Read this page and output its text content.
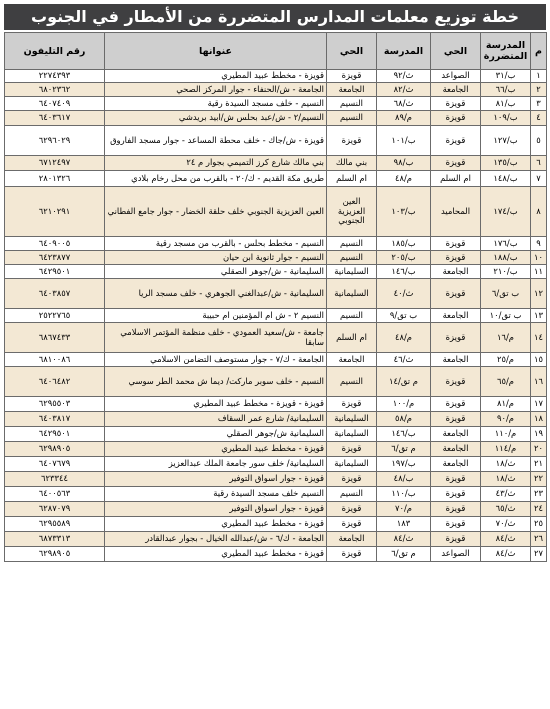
خطة توزيع معلمات المدارس المتضررة من الأمطار في الجنوب
م	المدرسة المتضررة	الحي	المدرسة	الحي	عنوانها	رقم التليفون
١	ب/٣١	الصواعد	ث/٩٢	قويزة	قويزة - مخطط عبيد المطيري	٢٢٧٤٣٩٣
٢	ب/٦٦	الجامعة	ث/٨٢	الجامعة	الجامعة - ش/الحنفاء - جوار المركز الصحي	٦٨٠٢٣٦٢
٣	ب/٨١	قويزة	ث/٦٨	النسيم	النسيم - خلف مسجد السيدة رقية	٦٤٠٧٤٠٩
٤	ب/١٠٩	قويزة	م/٨٩	النسيم	النسيم/٢ - ش/عبد بحلس ش/ابيد بريدشي	٦٤٠٣٦١٧
٥	ب/١٢٧	قويزة	ب/١٠١	قويزة	قويزة - ش/جاك - خلف محطة المساعد - جوار مسجد الفاروق	٦٢٩٦٠٢٩
٦	ب/١٣٥	قويزة	ب/٩٨	بني مالك	بني مالك شارع كرز التميمي بجوار م ٢٤	٦٧١٢٤٩٧
٧	ب/١٤٨	ام السلم	م/٤٨	ام السلم	طريق مكة القديم - ك/٢٠ - بالقرب من محل رخام بلادي	٢٨٠١٣٢٦
٨	ب/١٧٤	المحاميد	ب/١٠٣	العين العزيزية الجنوبي	العين العزيزية الجنوبي خلف حلقة الخضار - جوار جامع الفطاني	٦٢١٠٢٩١
٩	ب/١٧٦	قويزة	ب/١٨٥	النسيم	النسيم - مخطط بحلس - بالقرب من مسجد رقية	٦٤٠٩٠٠٥
١٠	ب/١٨٨	قويزة	ب/٢٠٥	النسيم	النسيم - جوار ثانوية ابن حيان	٦٤٢٣٨٧٧
١١	ب/٢١٠	الجامعة	ب/١٤٦	السليمانية	السليمانية - ش/جوهر الصقلي	٦٤٢٩٥٠١
١٢	ب تق/٦	قويزة	ث/٤٠	السليمانية	السليمانية - ش/عبدالغني الجوهري - خلف مسجد الريا	٦٤٠٣٨٥٧
١٣	ب تق/١٠	الجامعة	ب تق/٩	النسيم	النسيم ٢ - ش ام المؤمنين ام حبيبة	٢٥٢٢٧٦٥
١٤	م/١٦	قويزة	م/٤٨	ام السلم	جامعة - ش/سعيد العمودي - خلف منظمة المؤتمر الاسلامي سابقا	٦٨٦٧٤٣٣
١٥	م/٢٥	الجامعة	ث/٤٦	الجامعة	الجامعة - ك/٧ - جوار مستوصف التضامن الاسلامي	٦٨١٠٠٨٦
١٦	م/٦٥	قويزة	م تق/١٤	النسيم	النسيم - خلف سوبر ماركت/ ديما ش محمد الطر سوسي	٦٤٠٦٤٨٢
١٧	م/٨١	قويزة	م/١٠٠	قويزة	قويزة - قويزة - مخطط عبيد المطيري	٦٢٩٥٥٠٣
١٨	م/٩٠	قويزة	م/٥٨	السليمانية	السليمانية/ شارع عمر السقاف	٦٤٠٣٨١٧
١٩	م/١١٠	الجامعة	ب/١٤٦	السليمانية	السليمانية ش/جوهر الصقلي	٦٤٢٩٥٠١
٢٠	م/١١٤	الجامعة	م تق/٦	قويزة	قويزة - مخطط عبيد المطيري	٦٢٩٨٩٠٥
٢١	ث/١٨	الجامعة	ب/١٩٧	السليمانية	السليمانية/ خلف سور جامعة الملك عبدالعزيز	٦٤٠٧٦٧٩
٢٢	ث/١٨	قويزة	ب/٤٨	قويزة	قويزة - جوار اسواق التوفير	٦٢٣٣٤٤
٢٣	ث/٤٣	قويزة	ب/١١٠	النسيم	النسيم خلف مسجد السيدة رقية	٦٤٠٠٥٦٣
٢٤	ث/٦٥	قويزة	م/٧٠	قويزة	قويزة - جوار اسواق التوفير	٦٢٨٧٠٧٩
٢٥	ث/٧٠	قويزة	١٨٣	قويزة	قويزة - مخطط عبيد المطيري	٦٢٩٥٥٨٩
٢٦	ث/٨٤	قويزة	ث/٨٤	الجامعة	الجامعة - ك/٦ - ش/عبدالله الخيال - بجوار عبدالقادر	٦٨٧٣٣١٣
٢٧	ث/٨٤	الصواعد	م تق/٦	قويزة	قويزة - مخطط عبيد المطيري	٦٢٩٨٩٠٥
